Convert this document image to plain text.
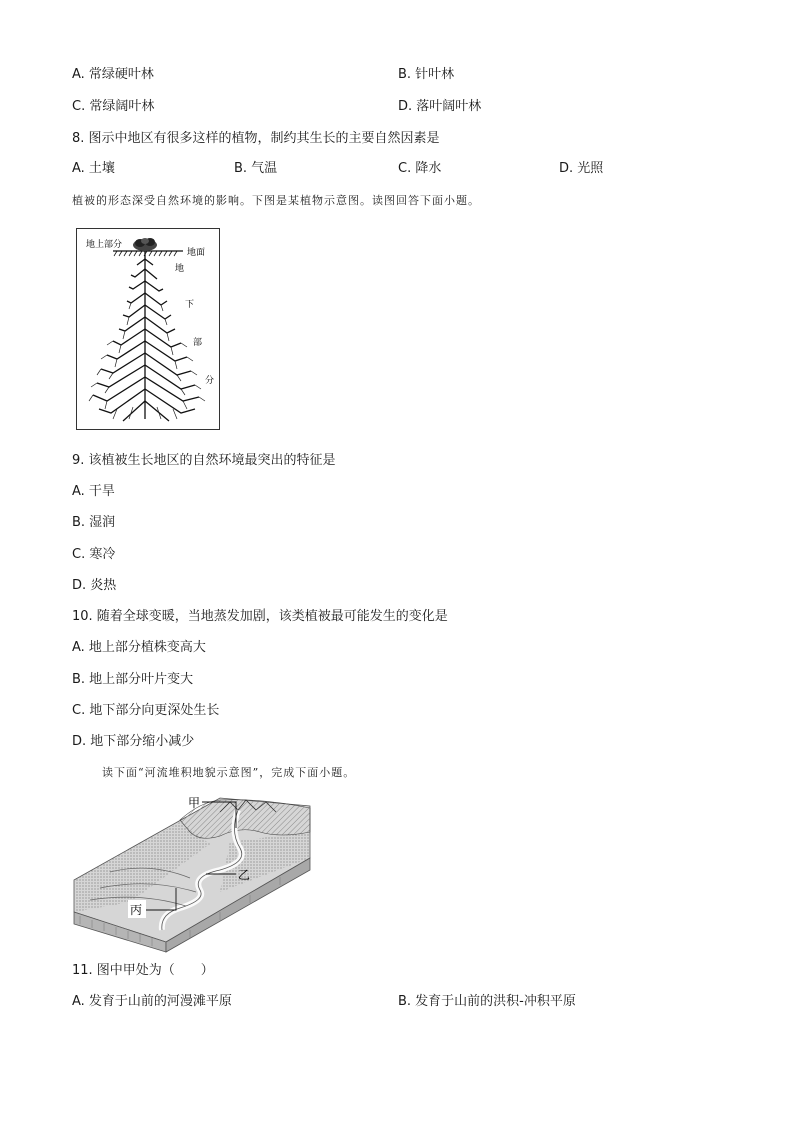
A. 常绿硬叶林	B. 针叶林
C. 常绿阔叶林	D. 落叶阔叶林
8. 图示中地区有很多这样的植物，制约其生长的主要自然因素是
A. 土壤	B. 气温	C. 降水	D. 光照
植被的形态深受自然环境的影响。下图是某植物示意图。读图回答下面小题。
地上部分
地面
地
下
部
分
9. 该植被生长地区的自然环境最突出的特征是
A. 干旱
B. 湿润
C. 寒冷
D. 炎热
10. 随着全球变暖，当地蒸发加剧，该类植被最可能发生的变化是
A. 地上部分植株变高大
B. 地上部分叶片变大
C. 地下部分向更深处生长
D. 地下部分缩小减少
读下面“河流堆积地貌示意图”，完成下面小题。
甲
乙
丙
11. 图中甲处为（　　）
A. 发育于山前的河漫滩平原	B. 发育于山前的洪积-冲积平原
